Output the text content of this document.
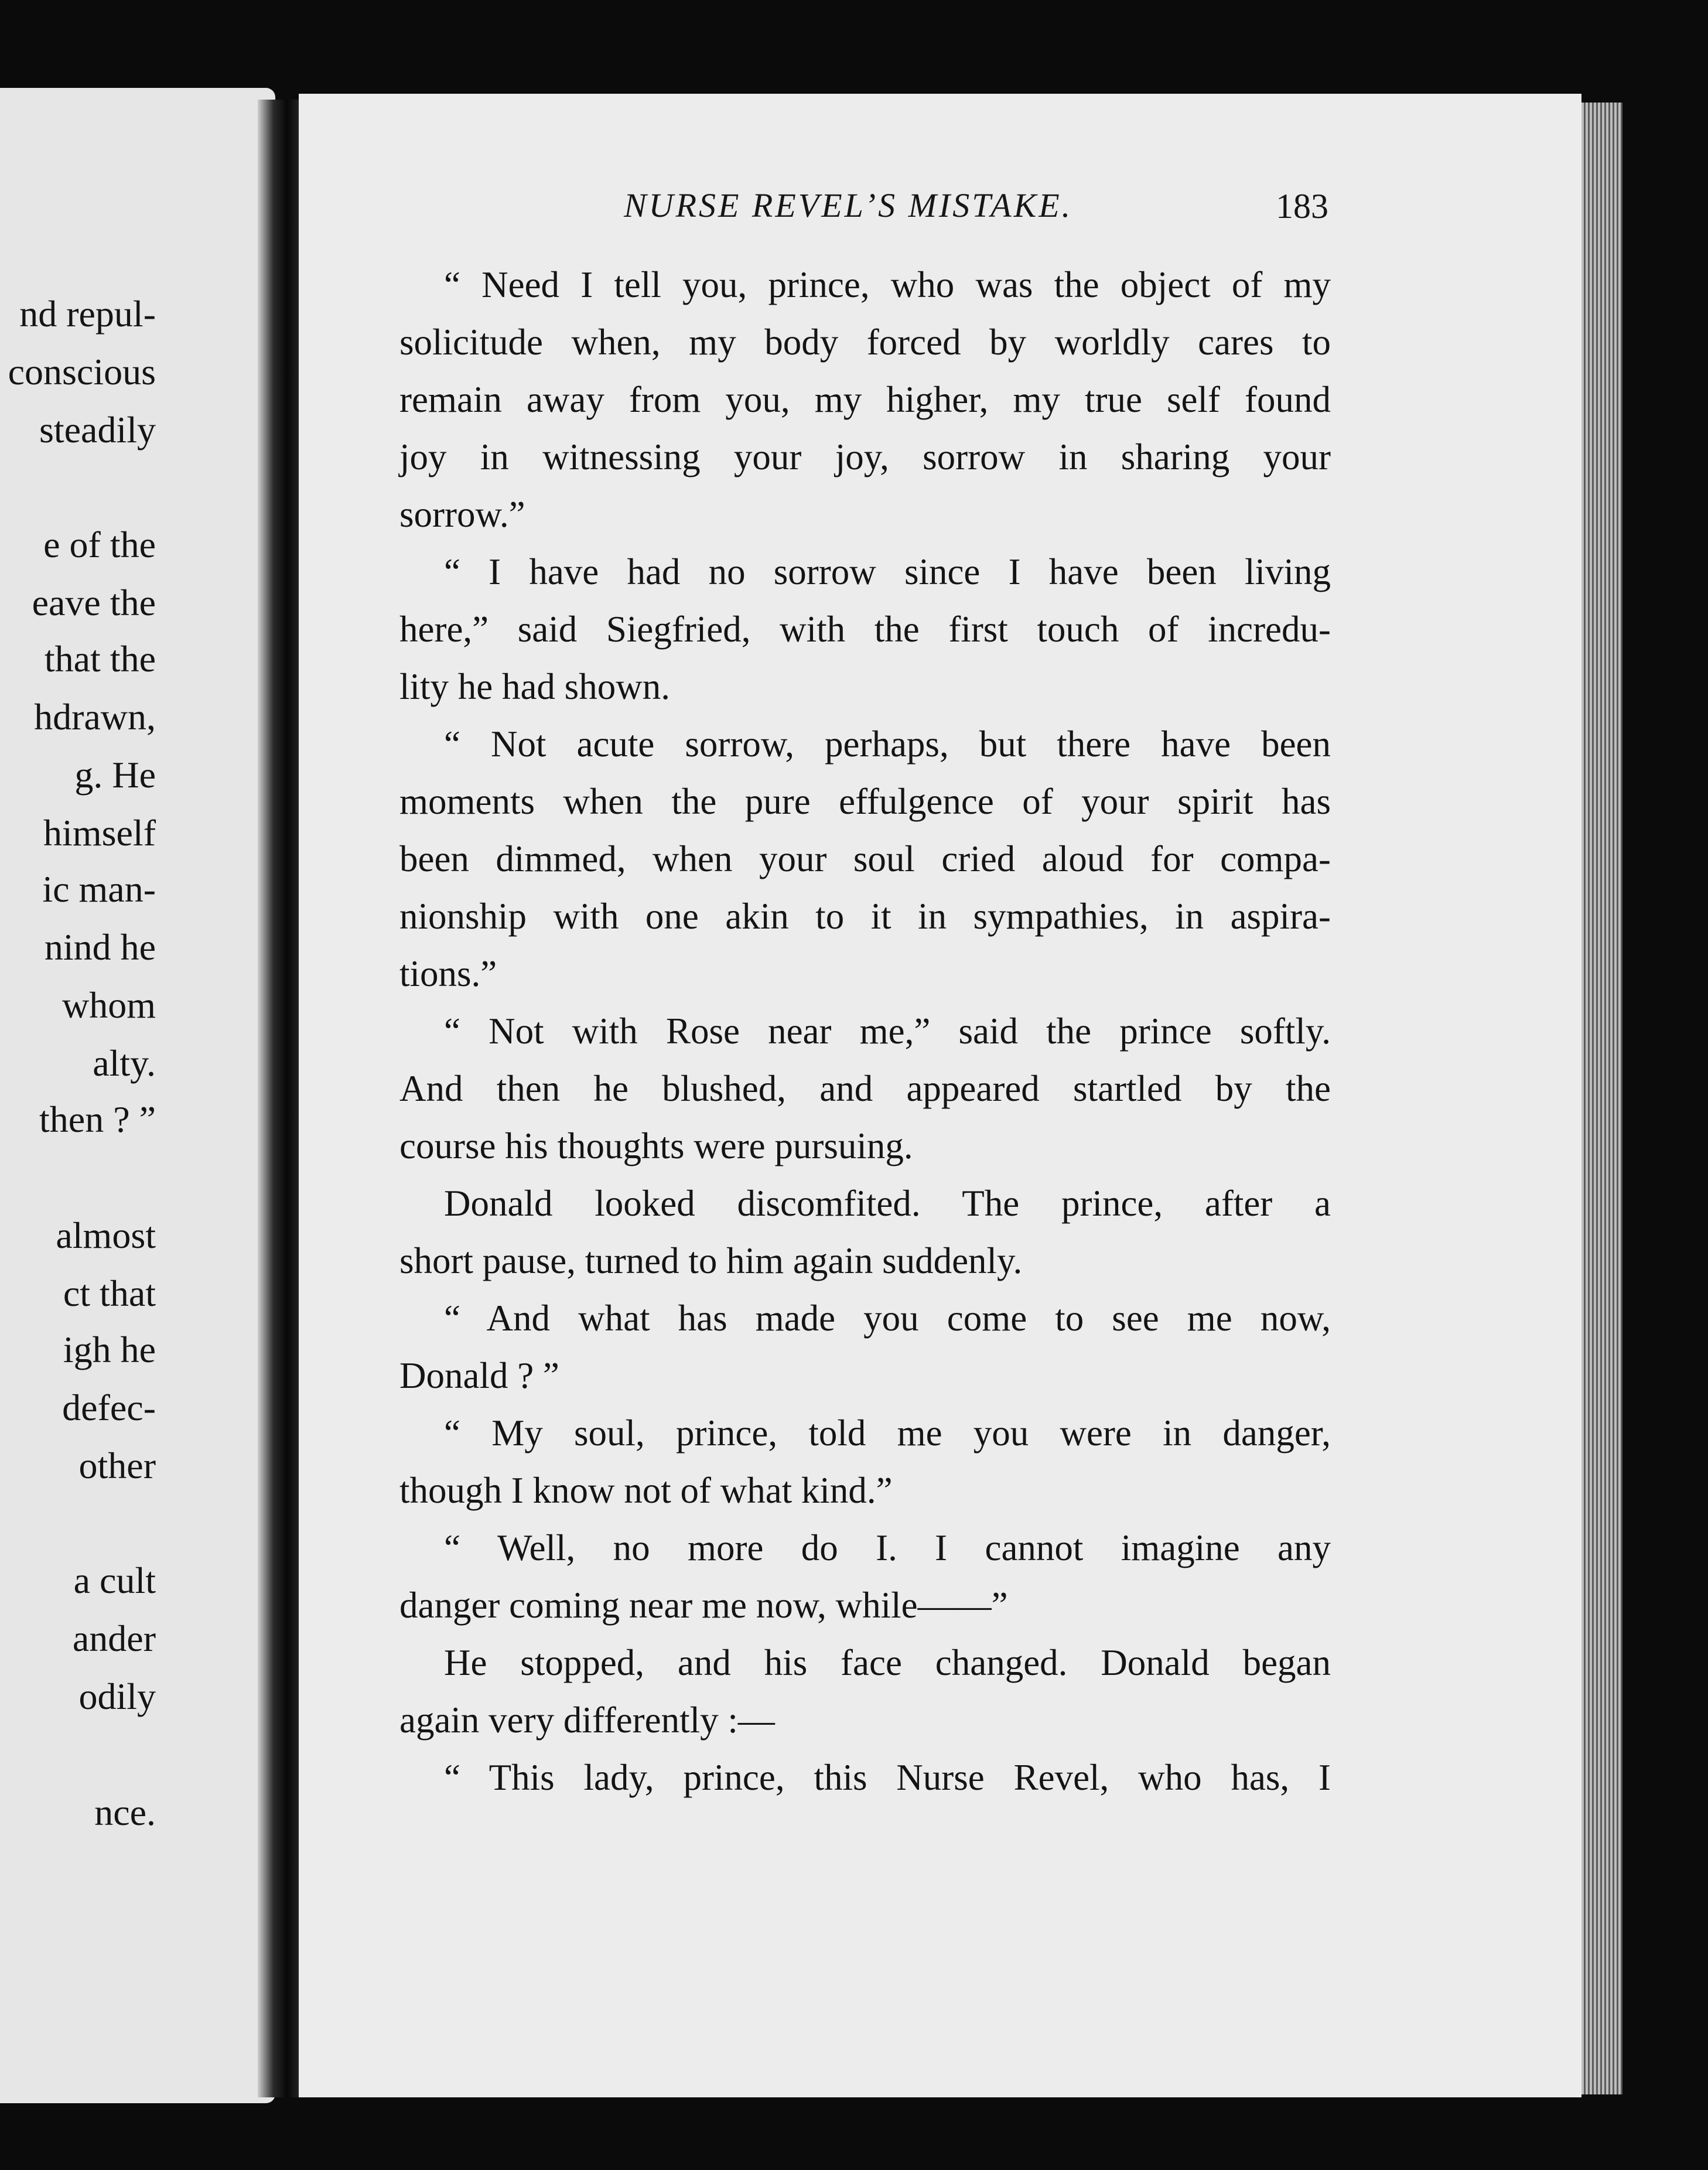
nd repul-
conscious
steadily
e of the
eave the
that the
hdrawn,
g. He
himself
ic man-
nind he
whom
alty.
then ? ”
almost
ct that
igh he
defec-
other
a cult
ander
odily
nce.
NURSE REVEL’S MISTAKE.	183
“ Need I tell you, prince, who was the object of my
solicitude when, my body forced by worldly cares to
remain away from you, my higher, my true self found
joy in witnessing your joy, sorrow in sharing your
sorrow.”
“ I have had no sorrow since I have been living
here,” said Siegfried, with the first touch of incredu-
lity he had shown.
“ Not acute sorrow, perhaps, but there have been
moments when the pure effulgence of your spirit has
been dimmed, when your soul cried aloud for compa-
nionship with one akin to it in sympathies, in aspira-
tions.”
“ Not with Rose near me,” said the prince softly.
And then he blushed, and appeared startled by the
course his thoughts were pursuing.
Donald looked discomfited. The prince, after a
short pause, turned to him again suddenly.
“ And what has made you come to see me now,
Donald ? ”
“ My soul, prince, told me you were in danger,
though I know not of what kind.”
“ Well, no more do I. I cannot imagine any
danger coming near me now, while——”
He stopped, and his face changed. Donald began
again very differently :—
“ This lady, prince, this Nurse Revel, who has, I
